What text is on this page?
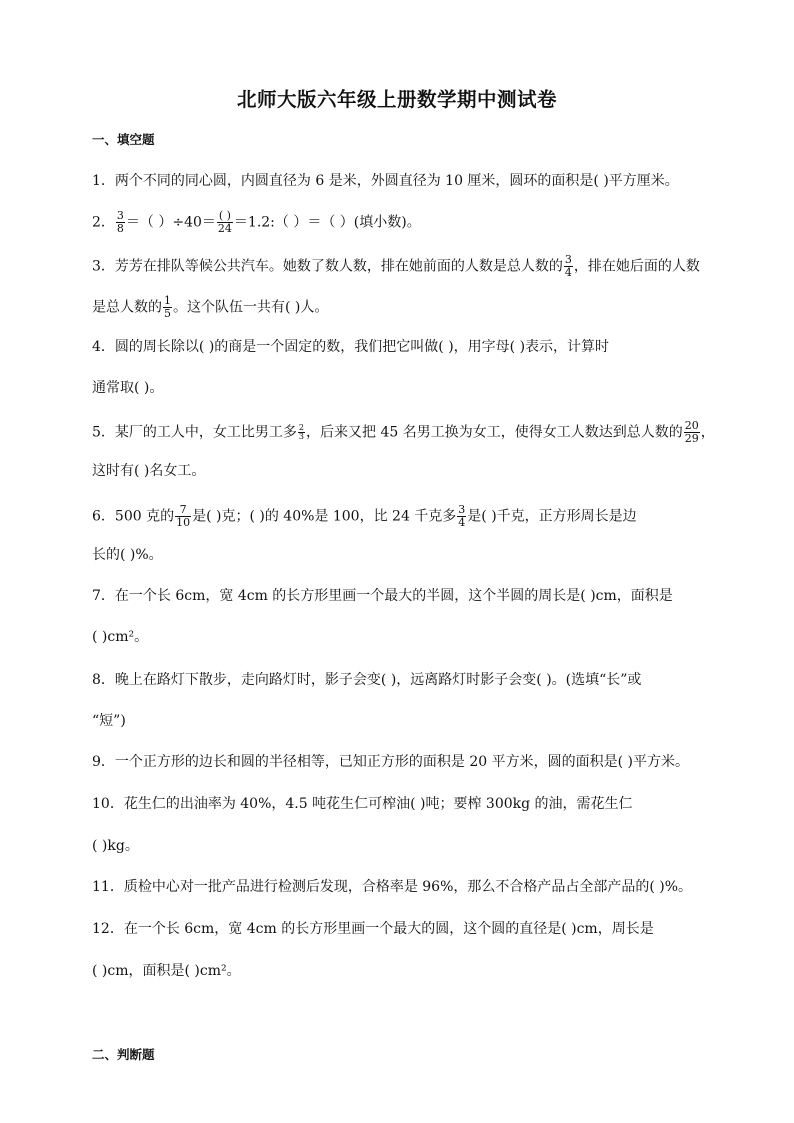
北师大版六年级上册数学期中测试卷
一、填空题
1．两个不同的同心圆，内圆直径为 6 是米，外圆直径为 10 厘米，圆环的面积是( )平方厘米。
2． $\frac{3}{8}$ ＝（ ）$\div 40= \frac{( )}{24}$ ＝1.2:（ ）＝（ ）(填小数)。
3．芳芳在排队等候公共汽车。她数了数人数，排在她前面的人数是总人数的 $\frac{3}{4}$ ，排在她后面的人数
是总人数的 $\frac{1}{5}$ 。这个队伍一共有( )人。
4．圆的周长除以( )的商是一个固定的数，我们把它叫做( )，用字母( )表示，计算时
通常取( )。
5．某厂的工人中，女工比男工多 $\frac{2}{3}$ ，后来又把 45 名男工换为女工，使得女工人数达到总人数的 $\frac{20}{29}$ ，
这时有( )名女工。
6．500 克的 $\frac{7}{10}$ 是( )克；( )的 40%是 100，比 24 千克多 $\frac{3}{4}$ 是( )千克，正方形周长是边
长的( )%。
7．在一个长 6cm，宽 4cm 的长方形里画一个最大的半圆，这个半圆的周长是( )cm，面积是
( )cm²。
8．晚上在路灯下散步，走向路灯时，影子会变( )，远离路灯时影子会变( )。(选填“长”或
“短”)
9．一个正方形的边长和圆的半径相等，已知正方形的面积是 20 平方米，圆的面积是( )平方米。
10．花生仁的出油率为 40%，4.5 吨花生仁可榨油( )吨；要榨 300kg 的油，需花生仁
( )kg。
11．质检中心对一批产品进行检测后发现，合格率是 96%，那么不合格产品占全部产品的( )%。
12．在一个长 6cm，宽 4cm 的长方形里画一个最大的圆，这个圆的直径是( )cm，周长是
( )cm，面积是( )cm²。
二、判断题
